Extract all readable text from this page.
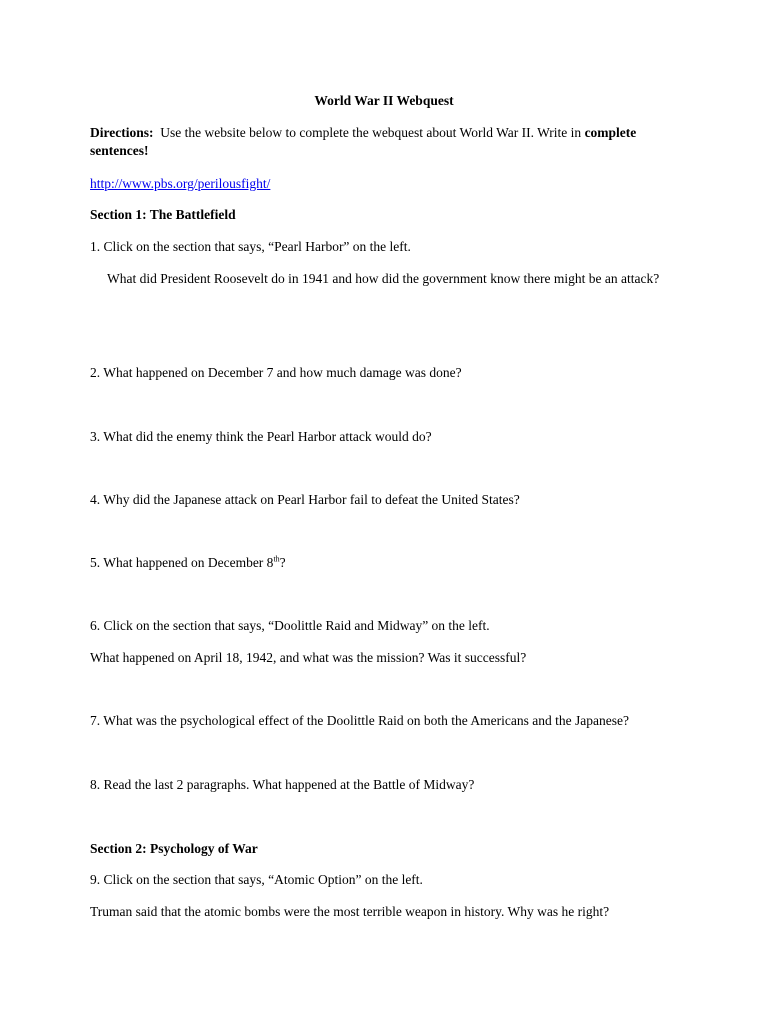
World War II Webquest
Directions: Use the website below to complete the webquest about World War II. Write in complete sentences!
http://www.pbs.org/perilousfight/
Section 1: The Battlefield
1. Click on the section that says, “Pearl Harbor” on the left.
What did President Roosevelt do in 1941 and how did the government know there might be an attack?
2. What happened on December 7 and how much damage was done?
3. What did the enemy think the Pearl Harbor attack would do?
4. Why did the Japanese attack on Pearl Harbor fail to defeat the United States?
5. What happened on December 8th?
6. Click on the section that says, “Doolittle Raid and Midway” on the left.
What happened on April 18, 1942, and what was the mission? Was it successful?
7. What was the psychological effect of the Doolittle Raid on both the Americans and the Japanese?
8. Read the last 2 paragraphs. What happened at the Battle of Midway?
Section 2: Psychology of War
9. Click on the section that says, “Atomic Option” on the left.
Truman said that the atomic bombs were the most terrible weapon in history. Why was he right?
